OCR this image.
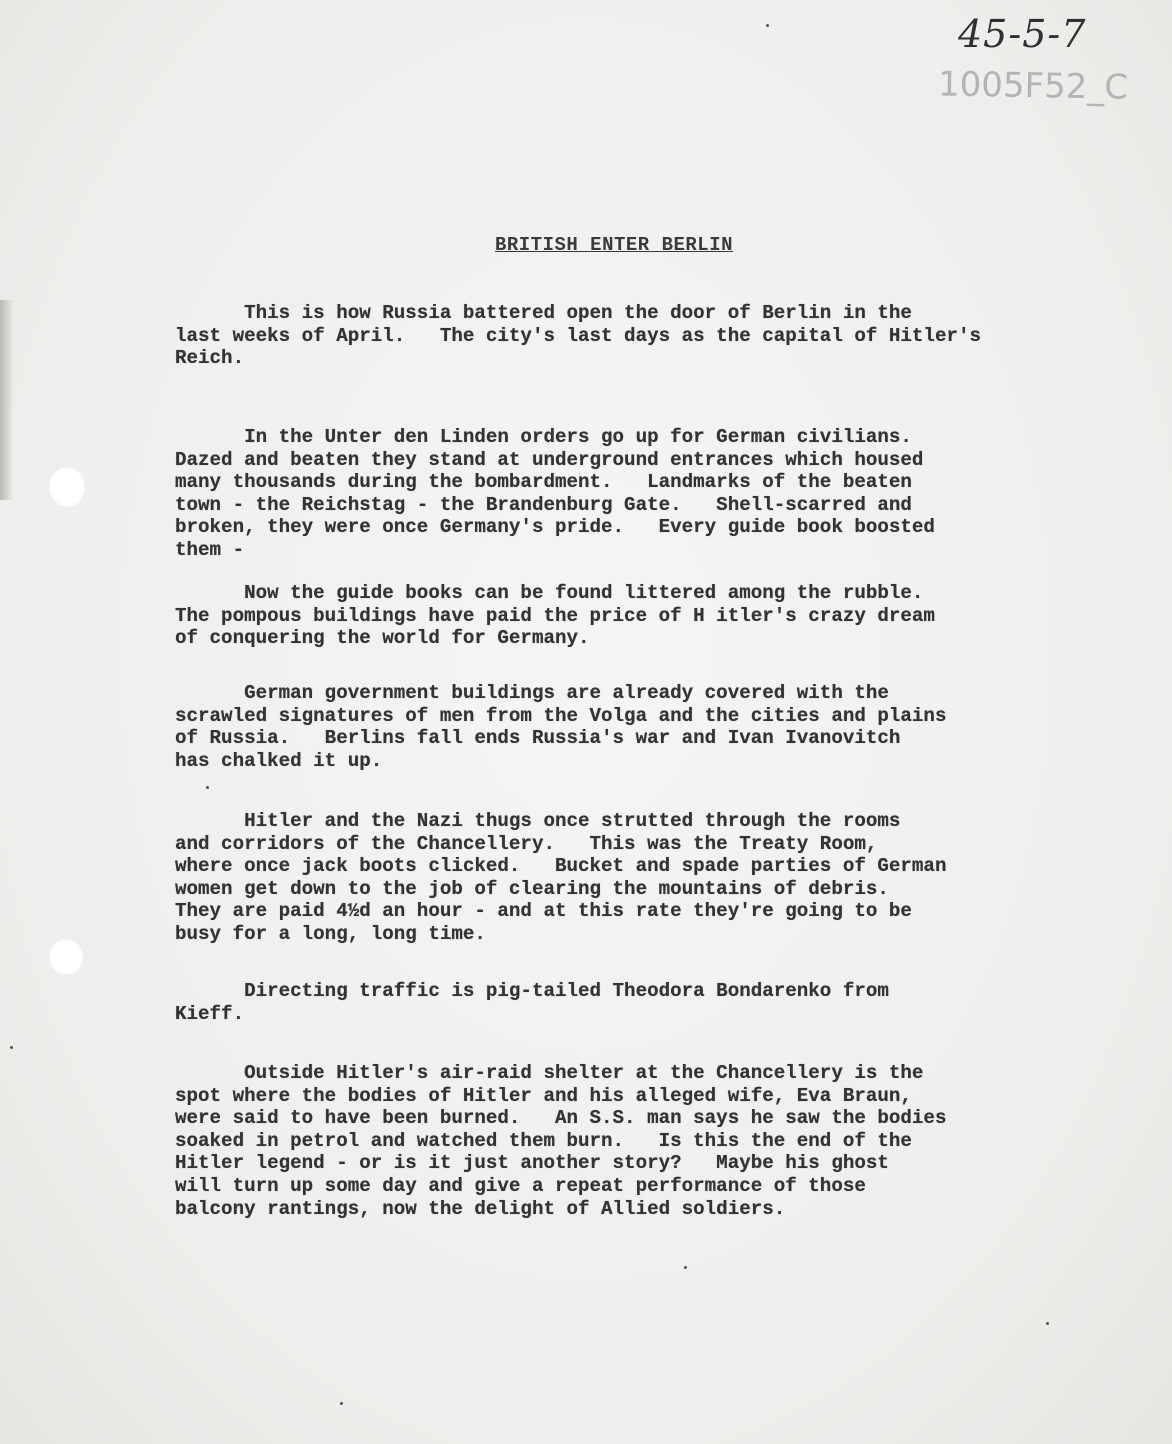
45-5-7

1005F52_C

BRITISH ENTER BERLIN

This is how Russia battered open the door of Berlin in the
last weeks of April.   The city's last days as the capital of Hitler's
Reich.

In the Unter den Linden orders go up for German civilians.
Dazed and beaten they stand at underground entrances which housed
many thousands during the bombardment.   Landmarks of the beaten
town - the Reichstag - the Brandenburg Gate.   Shell-scarred and
broken, they were once Germany's pride.   Every guide book boosted
them -

Now the guide books can be found littered among the rubble.
The pompous buildings have paid the price of H itler's crazy dream
of conquering the world for Germany.

German government buildings are already covered with the
scrawled signatures of men from the Volga and the cities and plains
of Russia.   Berlins fall ends Russia's war and Ivan Ivanovitch
has chalked it up.

Hitler and the Nazi thugs once strutted through the rooms
and corridors of the Chancellery.   This was the Treaty Room,
where once jack boots clicked.   Bucket and spade parties of German
women get down to the job of clearing the mountains of debris.
They are paid 4½d an hour - and at this rate they're going to be
busy for a long, long time.

Directing traffic is pig-tailed Theodora Bondarenko from
Kieff.

Outside Hitler's air-raid shelter at the Chancellery is the
spot where the bodies of Hitler and his alleged wife, Eva Braun,
were said to have been burned.   An S.S. man says he saw the bodies
soaked in petrol and watched them burn.   Is this the end of the
Hitler legend - or is it just another story?   Maybe his ghost
will turn up some day and give a repeat performance of those
balcony rantings, now the delight of Allied soldiers.
